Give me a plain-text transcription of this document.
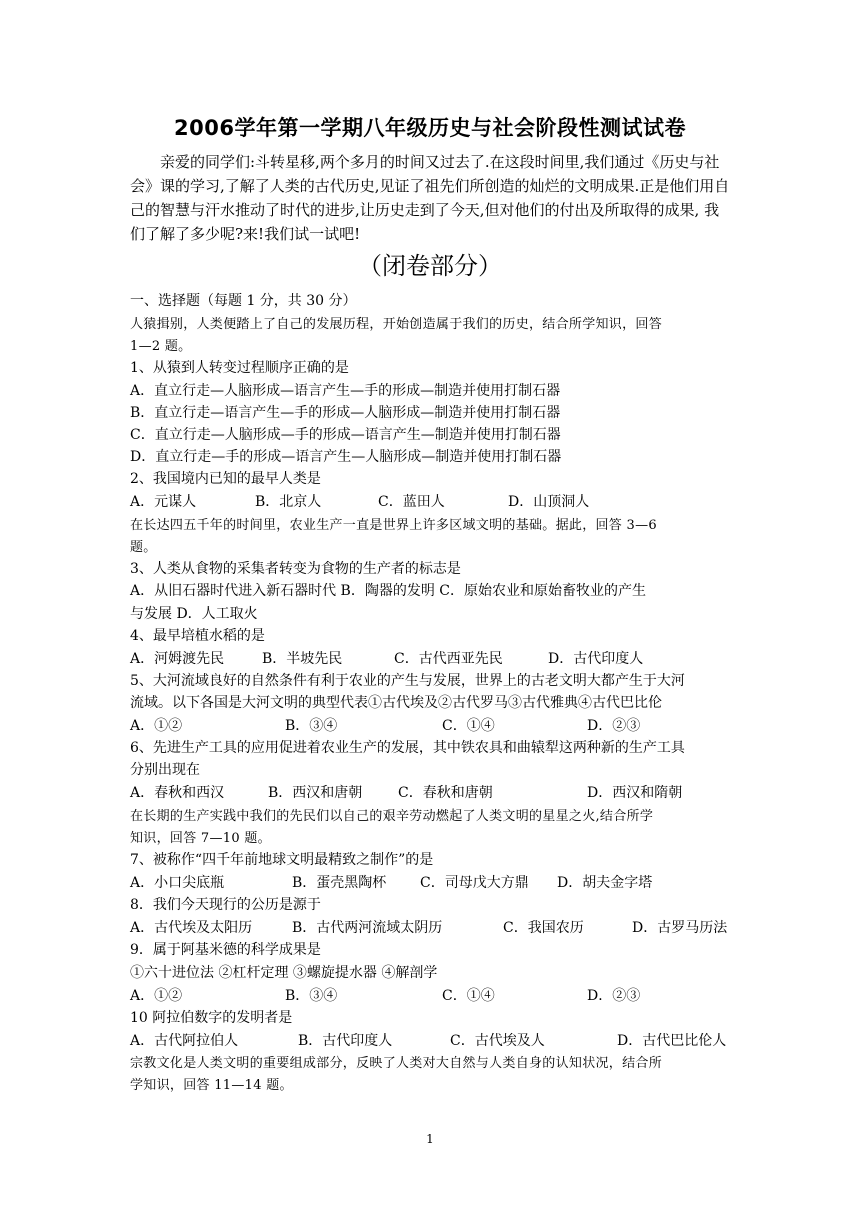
2006学年第一学期八年级历史与社会阶段性测试试卷
亲爱的同学们:斗转星移,两个多月的时间又过去了.在这段时间里,我们通过《历史与社会》课的学习,了解了人类的古代历史,见证了祖先们所创造的灿烂的文明成果.正是他们用自己的智慧与汗水推动了时代的进步,让历史走到了今天,但对他们的付出及所取得的成果, 我们了解了多少呢?来!我们试一试吧!
（闭卷部分）
一、选择题（每题 1 分，共 30 分）
人猿揖别，人类便踏上了自己的发展历程，开始创造属于我们的历史，结合所学知识，回答
1—2 题。
1、从猿到人转变过程顺序正确的是
A．直立行走—人脑形成—语言产生—手的形成—制造并使用打制石器
B．直立行走—语言产生—手的形成—人脑形成—制造并使用打制石器
C．直立行走—人脑形成—手的形成—语言产生—制造并使用打制石器
D．直立行走—手的形成—语言产生—人脑形成—制造并使用打制石器
2、我国境内已知的最早人类是
A．元谋人	B．北京人	C．蓝田人	D．山顶洞人
在长达四五千年的时间里，农业生产一直是世界上许多区域文明的基础。据此，回答 3—6
题。
3、人类从食物的采集者转变为食物的生产者的标志是
A．从旧石器时代进入新石器时代 B．陶器的发明 C．原始农业和原始畜牧业的产生
与发展 D．人工取火
4、最早培植水稻的是
A．河姆渡先民	B．半坡先民	C．古代西亚先民	D．古代印度人
5、大河流域良好的自然条件有利于农业的产生与发展，世界上的古老文明大都产生于大河
流域。以下各国是大河文明的典型代表①古代埃及②古代罗马③古代雅典④古代巴比伦
A．①②	B．③④	C．①④	D．②③
6、先进生产工具的应用促进着农业生产的发展，其中铁农具和曲辕犁这两种新的生产工具
分别出现在
A．春秋和西汉	B．西汉和唐朝	C．春秋和唐朝	D．西汉和隋朝
在长期的生产实践中我们的先民们以自己的艰辛劳动燃起了人类文明的星星之火,结合所学
知识，回答 7—10 题。
7、被称作“四千年前地球文明最精致之制作”的是
A．小口尖底瓶	B．蛋壳黑陶杯 C．司母戊大方鼎 D．胡夫金字塔
8．我们今天现行的公历是源于
A．古代埃及太阳历	B．古代两河流域太阴历	C．我国农历	D．古罗马历法
9．属于阿基米德的科学成果是
①六十进位法 ②杠杆定理 ③螺旋提水器 ④解剖学
A．①②	B．③④	C．①④	D．②③
10 阿拉伯数字的发明者是
A．古代阿拉伯人	B．古代印度人	C．古代埃及人	D．古代巴比伦人
宗教文化是人类文明的重要组成部分，反映了人类对大自然与人类自身的认知状况，结合所
学知识，回答 11—14 题。
1
